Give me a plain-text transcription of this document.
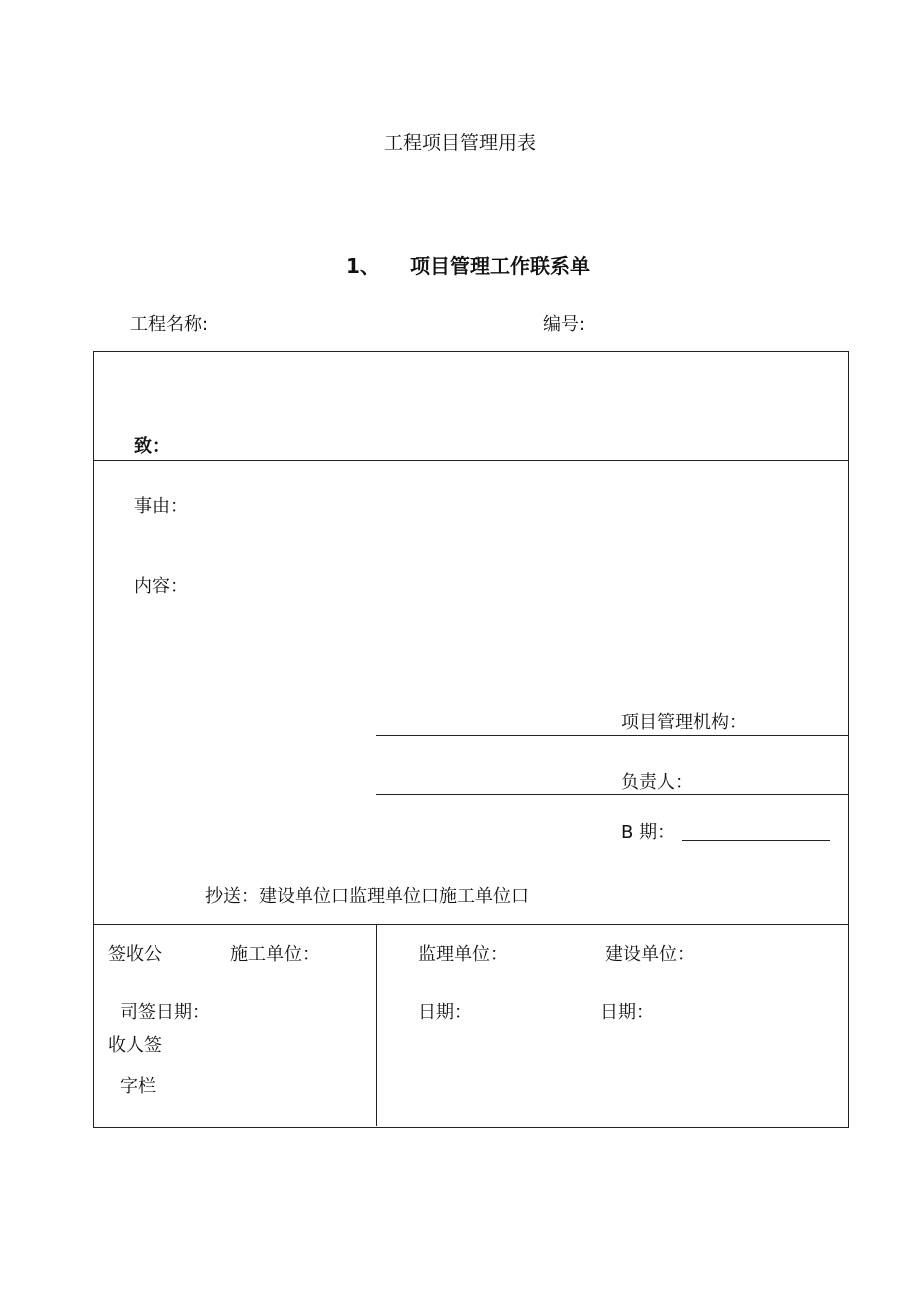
工程项目管理用表
1、 项目管理工作联系单
工程名称:	编号:
致：
事由：
内容：
项目管理机构：
负责人：
B 期：
抄送：建设单位口监理单位口施工单位口
签收公	施工单位：
司签日期：
收人签
字栏
监理单位：	建设单位：
日期：	日期：
